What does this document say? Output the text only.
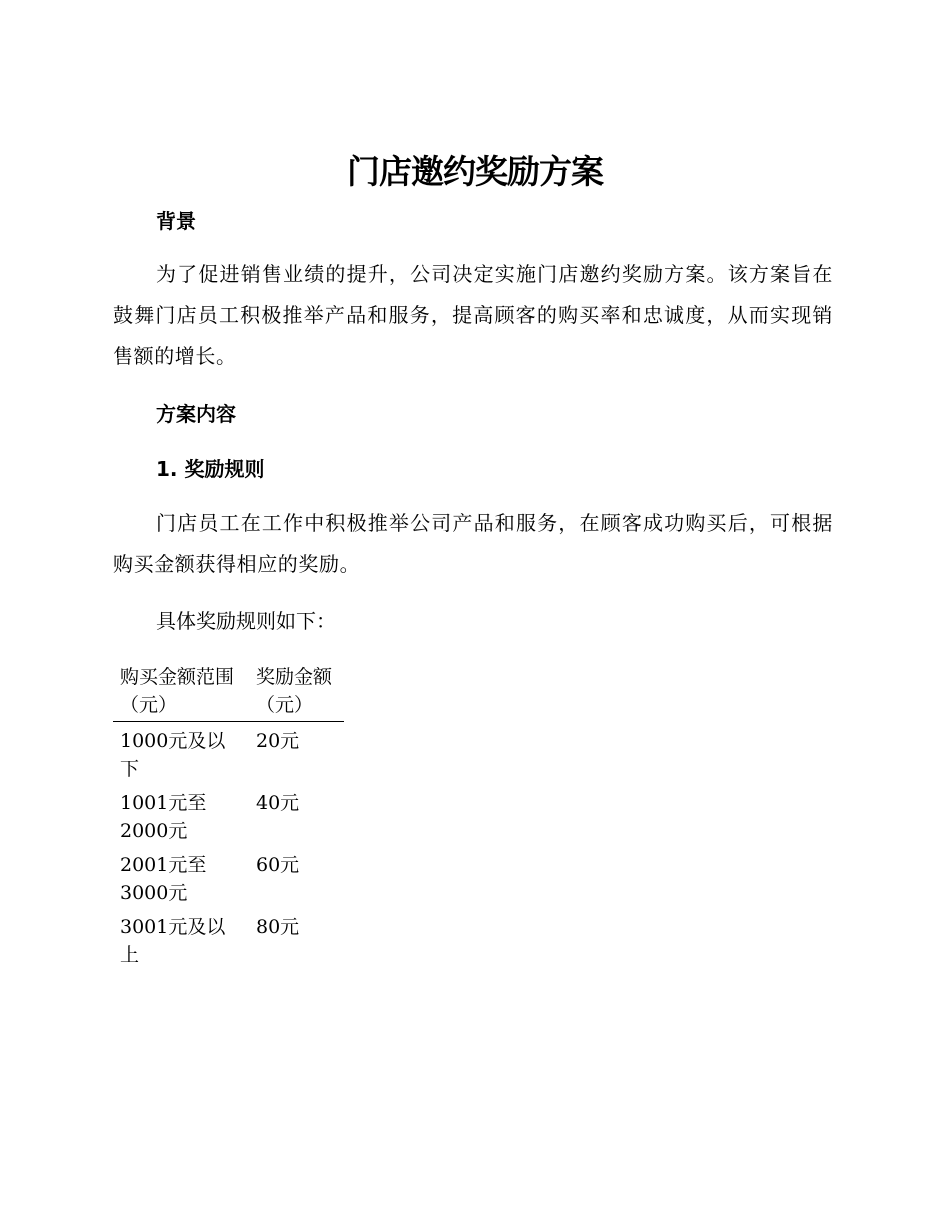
门店邀约奖励方案
背景
为了促进销售业绩的提升，公司决定实施门店邀约奖励方案。该方案旨在鼓舞门店员工积极推举产品和服务，提高顾客的购买率和忠诚度，从而实现销售额的增长。
方案内容
1. 奖励规则
门店员工在工作中积极推举公司产品和服务，在顾客成功购买后，可根据购买金额获得相应的奖励。
具体奖励规则如下：
购买金额范围（元）	奖励金额（元）
1000元及以下	20元
1001元至2000元	40元
2001元至3000元	60元
3001元及以上	80元
